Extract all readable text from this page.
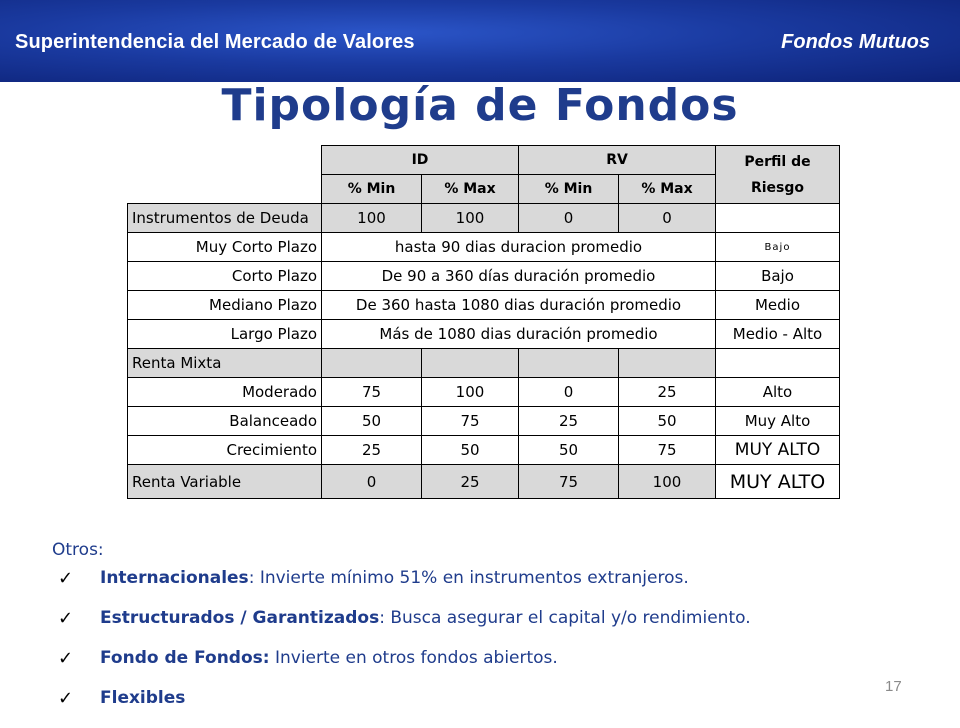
Superintendencia del Mercado de Valores	Fondos Mutuos
Tipología de Fondos
	ID		RV		Perfil de Riesgo
	% Min	% Max	% Min	% Max	
Instrumentos de Deuda	100	100	0	0	
Muy Corto Plazo	hasta 90 dias duracion promedio				Bajo
Corto Plazo	De 90 a 360 días duración promedio				Bajo
Mediano Plazo	De 360 hasta 1080 dias duración promedio				Medio
Largo Plazo	Más de 1080 dias duración promedio				Medio - Alto
Renta Mixta					
Moderado	75	100	0	25	Alto
Balanceado	50	75	25	50	Muy Alto
Crecimiento	25	50	50	75	MUY ALTO
Renta Variable	0	25	75	100	MUY ALTO
Otros:
✓	Internacionales: Invierte mínimo 51% en instrumentos extranjeros.
✓	Estructurados / Garantizados: Busca asegurar el capital y/o rendimiento.
✓	Fondo de Fondos: Invierte en otros fondos abiertos.
✓	Flexibles
17
